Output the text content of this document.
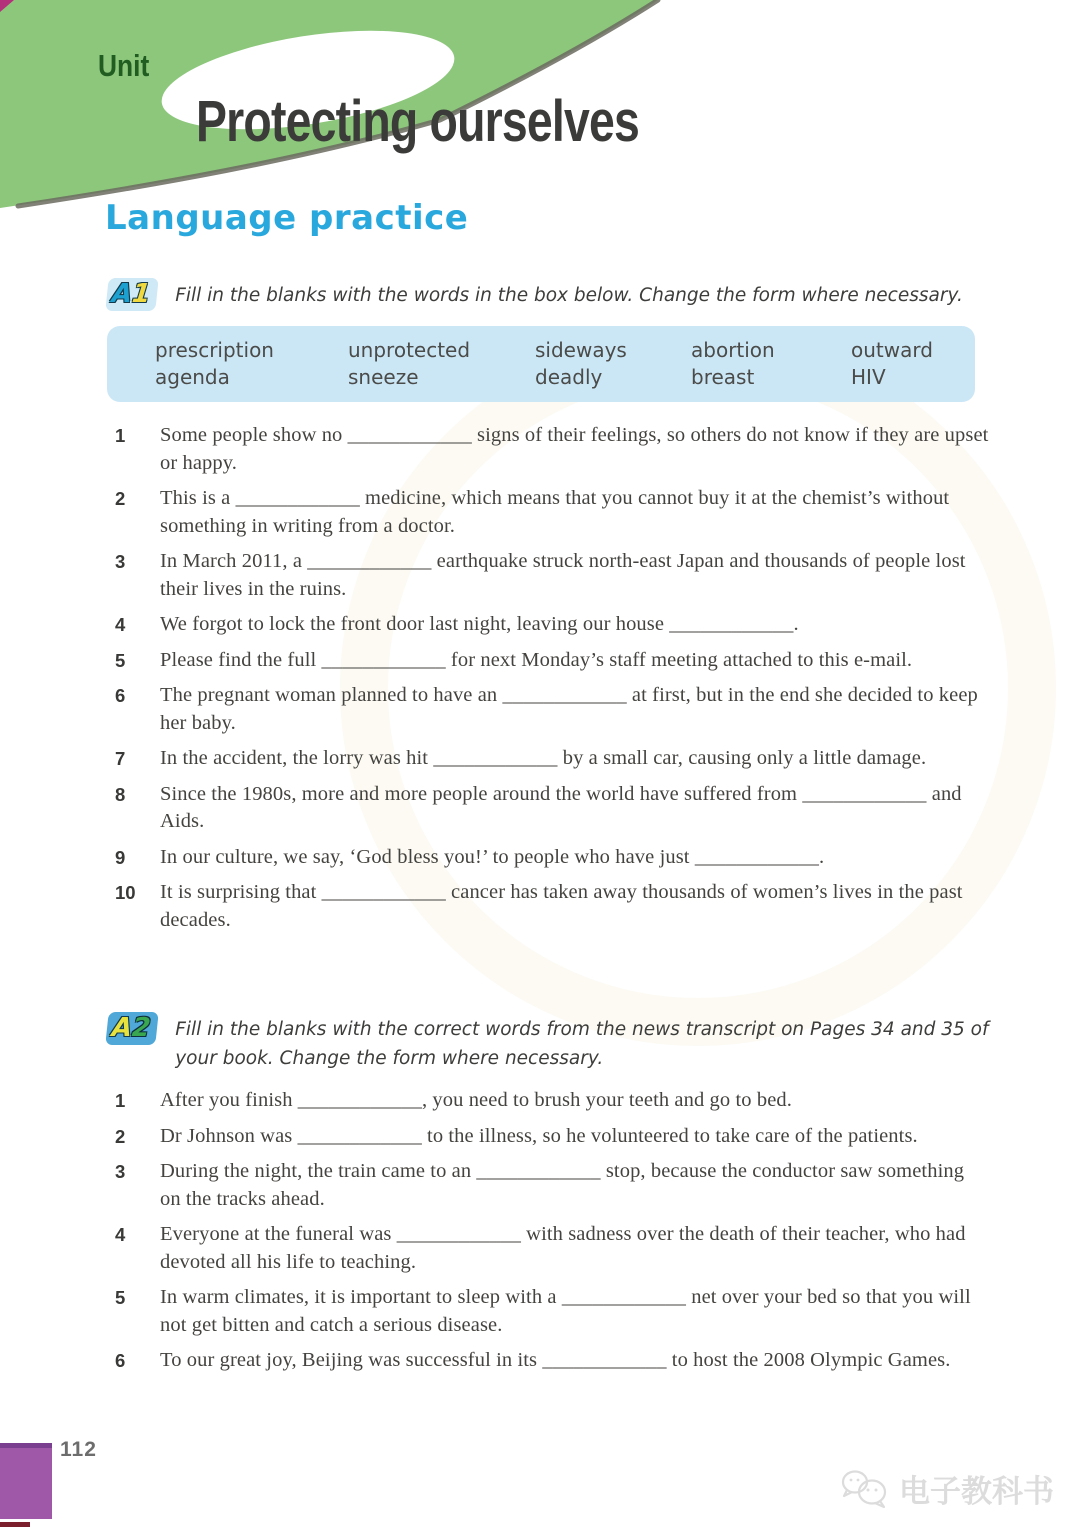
Unit
Protecting ourselves
Language practice
A1	Fill in the blanks with the words in the box below. Change the form where necessary.
prescription	unprotected	sideways	abortion	outward
agenda	sneeze	deadly	breast	HIV
1	Some people show no ____________ signs of their feelings, so others do not know if they are upset or happy.
2	This is a ____________ medicine, which means that you cannot buy it at the chemist’s without something in writing from a doctor.
3	In March 2011, a ____________ earthquake struck north-east Japan and thousands of people lost their lives in the ruins.
4	We forgot to lock the front door last night, leaving our house ____________.
5	Please find the full ____________ for next Monday’s staff meeting attached to this e-mail.
6	The pregnant woman planned to have an ____________ at first, but in the end she decided to keep her baby.
7	In the accident, the lorry was hit ____________ by a small car, causing only a little damage.
8	Since the 1980s, more and more people around the world have suffered from ____________ and Aids.
9	In our culture, we say, ‘God bless you!’ to people who have just ____________.
10	It is surprising that ____________ cancer has taken away thousands of women’s lives in the past decades.
A2	Fill in the blanks with the correct words from the news transcript on Pages 34 and 35 of your book. Change the form where necessary.
1	After you finish ____________, you need to brush your teeth and go to bed.
2	Dr Johnson was ____________ to the illness, so he volunteered to take care of the patients.
3	During the night, the train came to an ____________ stop, because the conductor saw something on the tracks ahead.
4	Everyone at the funeral was ____________ with sadness over the death of their teacher, who had devoted all his life to teaching.
5	In warm climates, it is important to sleep with a ____________ net over your bed so that you will not get bitten and catch a serious disease.
6	To our great joy, Beijing was successful in its ____________ to host the 2008 Olympic Games.
112
电子教科书
